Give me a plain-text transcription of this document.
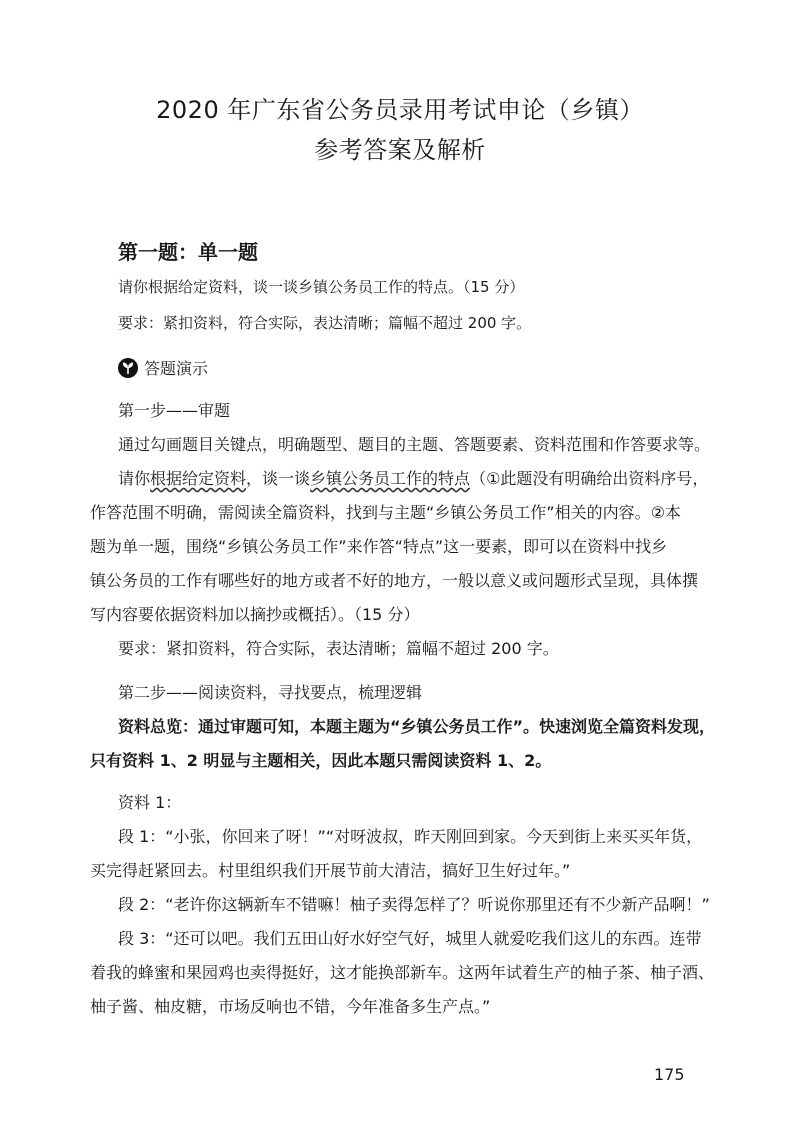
2020 年广东省公务员录用考试申论（乡镇）
参考答案及解析
第一题：单一题
请你根据给定资料，谈一谈乡镇公务员工作的特点。（15 分）
要求：紧扣资料，符合实际，表达清晰；篇幅不超过 200 字。
答题演示
第一步——审题
通过勾画题目关键点，明确题型、题目的主题、答题要素、资料范围和作答要求等。
请你根据给定资料，谈一谈乡镇公务员工作的特点（①此题没有明确给出资料序号，
作答范围不明确，需阅读全篇资料，找到与主题“乡镇公务员工作”相关的内容。②本
题为单一题，围绕“乡镇公务员工作”来作答“特点”这一要素，即可以在资料中找乡
镇公务员的工作有哪些好的地方或者不好的地方，一般以意义或问题形式呈现，具体撰
写内容要依据资料加以摘抄或概括）。（15 分）
要求：紧扣资料，符合实际，表达清晰；篇幅不超过 200 字。
第二步——阅读资料，寻找要点，梳理逻辑
资料总览：通过审题可知，本题主题为“乡镇公务员工作”。快速浏览全篇资料发现，
只有资料 1、2 明显与主题相关，因此本题只需阅读资料 1、2。
资料 1：
段 1：“小张，你回来了呀！”“对呀波叔，昨天刚回到家。今天到街上来买买年货，
买完得赶紧回去。村里组织我们开展节前大清洁，搞好卫生好过年。”
段 2：“老许你这辆新车不错嘛！柚子卖得怎样了？听说你那里还有不少新产品啊！”
段 3：“还可以吧。我们五田山好水好空气好，城里人就爱吃我们这儿的东西。连带
着我的蜂蜜和果园鸡也卖得挺好，这才能换部新车。这两年试着生产的柚子茶、柚子酒、
柚子酱、柚皮糖，市场反响也不错，今年准备多生产点。”
175
